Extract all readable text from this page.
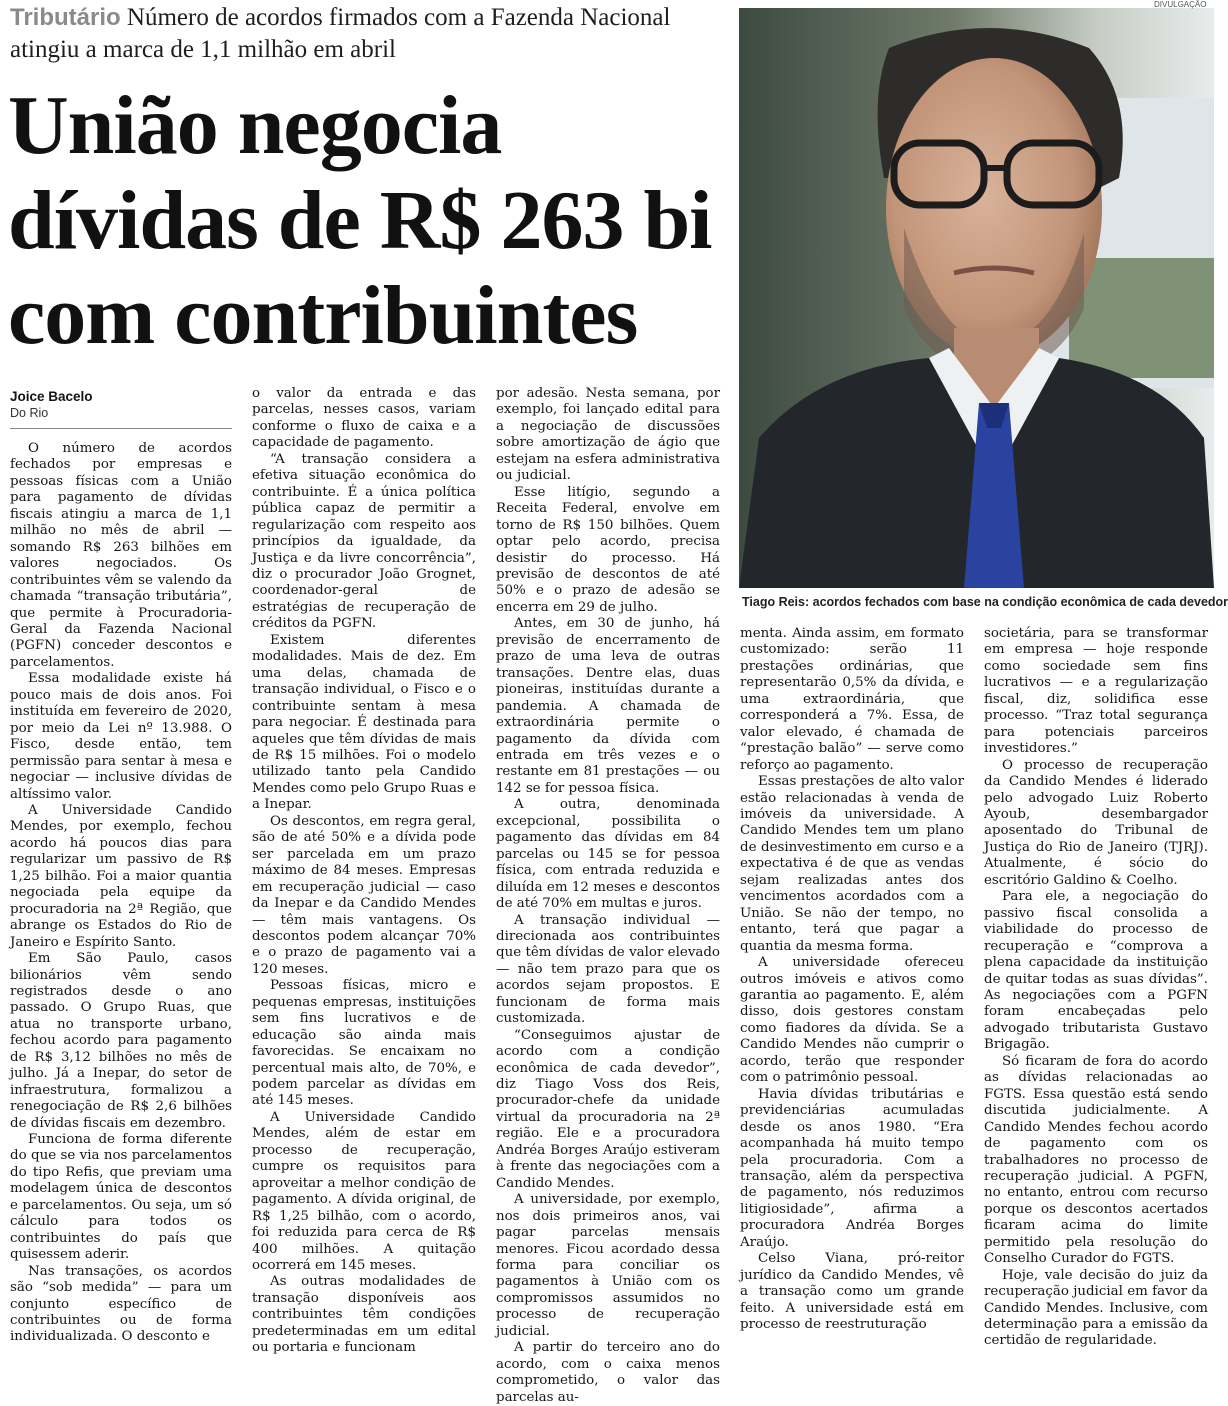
Tributário Número de acordos firmados com a Fazenda Nacional atingiu a marca de 1,1 milhão em abril
União negocia dívidas de R$ 263 bi com contribuintes
DIVULGAÇÃO
Tiago Reis: acordos fechados com base na condição econômica de cada devedor
Joice Bacelo
Do Rio

O número de acordos fechados por empresas e pessoas físicas com a União para pagamento de dívidas fiscais atingiu a marca de 1,1 milhão no mês de abril — somando R$ 263 bilhões em valores negociados. Os contribuintes vêm se valendo da chamada “transação tributária”, que permite à Procuradoria-Geral da Fazenda Nacional (PGFN) conceder descontos e parcelamentos.

Essa modalidade existe há pouco mais de dois anos. Foi instituída em fevereiro de 2020, por meio da Lei nº 13.988. O Fisco, desde então, tem permissão para sentar à mesa e negociar — inclusive dívidas de altíssimo valor.

A Universidade Candido Mendes, por exemplo, fechou acordo há poucos dias para regularizar um passivo de R$ 1,25 bilhão. Foi a maior quantia negociada pela equipe da procuradoria na 2ª Região, que abrange os Estados do Rio de Janeiro e Espírito Santo.

Em São Paulo, casos bilionários vêm sendo registrados desde o ano passado. O Grupo Ruas, que atua no transporte urbano, fechou acordo para pagamento de R$ 3,12 bilhões no mês de julho. Já a Inepar, do setor de infraestrutura, formalizou a renegociação de R$ 2,6 bilhões de dívidas fiscais em dezembro.

Funciona de forma diferente do que se via nos parcelamentos do tipo Refis, que previam uma modelagem única de descontos e parcelamentos. Ou seja, um só cálculo para todos os contribuintes do país que quisessem aderir.

Nas transações, os acordos são “sob medida” — para um conjunto específico de contribuintes ou de forma individualizada. O desconto e

o valor da entrada e das parcelas, nesses casos, variam conforme o fluxo de caixa e a capacidade de pagamento.

“A transação considera a efetiva situação econômica do contribuinte. É a única política pública capaz de permitir a regularização com respeito aos princípios da igualdade, da Justiça e da livre concorrência”, diz o procurador João Grognet, coordenador-geral de estratégias de recuperação de créditos da PGFN.

Existem diferentes modalidades. Mais de dez. Em uma delas, chamada de transação individual, o Fisco e o contribuinte sentam à mesa para negociar. É destinada para aqueles que têm dívidas de mais de R$ 15 milhões. Foi o modelo utilizado tanto pela Candido Mendes como pelo Grupo Ruas e a Inepar.

Os descontos, em regra geral, são de até 50% e a dívida pode ser parcelada em um prazo máximo de 84 meses. Empresas em recuperação judicial — caso da Inepar e da Candido Mendes — têm mais vantagens. Os descontos podem alcançar 70% e o prazo de pagamento vai a 120 meses.

Pessoas físicas, micro e pequenas empresas, instituições sem fins lucrativos e de educação são ainda mais favorecidas. Se encaixam no percentual mais alto, de 70%, e podem parcelar as dívidas em até 145 meses.

A Universidade Candido Mendes, além de estar em processo de recuperação, cumpre os requisitos para aproveitar a melhor condição de pagamento. A dívida original, de R$ 1,25 bilhão, com o acordo, foi reduzida para cerca de R$ 400 milhões. A quitação ocorrerá em 145 meses.

As outras modalidades de transação disponíveis aos contribuintes têm condições predeterminadas em um edital ou portaria e funcionam

por adesão. Nesta semana, por exemplo, foi lançado edital para a negociação de discussões sobre amortização de ágio que estejam na esfera administrativa ou judicial.

Esse litígio, segundo a Receita Federal, envolve em torno de R$ 150 bilhões. Quem optar pelo acordo, precisa desistir do processo. Há previsão de descontos de até 50% e o prazo de adesão se encerra em 29 de julho.

Antes, em 30 de junho, há previsão de encerramento de prazo de uma leva de outras transações. Dentre elas, duas pioneiras, instituídas durante a pandemia. A chamada de extraordinária permite o pagamento da dívida com entrada em três vezes e o restante em 81 prestações — ou 142 se for pessoa física.

A outra, denominada excepcional, possibilita o pagamento das dívidas em 84 parcelas ou 145 se for pessoa física, com entrada reduzida e diluída em 12 meses e descontos de até 70% em multas e juros.

A transação individual — direcionada aos contribuintes que têm dívidas de valor elevado — não tem prazo para que os acordos sejam propostos. E funcionam de forma mais customizada.

“Conseguimos ajustar de acordo com a condição econômica de cada devedor”, diz Tiago Voss dos Reis, procurador-chefe da unidade virtual da procuradoria na 2ª região. Ele e a procuradora Andréa Borges Araújo estiveram à frente das negociações com a Candido Mendes.

A universidade, por exemplo, nos dois primeiros anos, vai pagar parcelas mensais menores. Ficou acordado dessa forma para conciliar os pagamentos à União com os compromissos assumidos no processo de recuperação judicial.

A partir do terceiro ano do acordo, com o caixa menos comprometido, o valor das parcelas au-

menta. Ainda assim, em formato customizado: serão 11 prestações ordinárias, que representarão 0,5% da dívida, e uma extraordinária, que corresponderá a 7%. Essa, de valor elevado, é chamada de “prestação balão” — serve como reforço ao pagamento.

Essas prestações de alto valor estão relacionadas à venda de imóveis da universidade. A Candido Mendes tem um plano de desinvestimento em curso e a expectativa é de que as vendas sejam realizadas antes dos vencimentos acordados com a União. Se não der tempo, no entanto, terá que pagar a quantia da mesma forma.

A universidade ofereceu outros imóveis e ativos como garantia ao pagamento. E, além disso, dois gestores constam como fiadores da dívida. Se a Candido Mendes não cumprir o acordo, terão que responder com o patrimônio pessoal.

Havia dívidas tributárias e previdenciárias acumuladas desde os anos 1980. “Era acompanhada há muito tempo pela procuradoria. Com a transação, além da perspectiva de pagamento, nós reduzimos litigiosidade”, afirma a procuradora Andréa Borges Araújo.

Celso Viana, pró-reitor jurídico da Candido Mendes, vê a transação como um grande feito. A universidade está em processo de reestruturação

societária, para se transformar em empresa — hoje responde como sociedade sem fins lucrativos — e a regularização fiscal, diz, solidifica esse processo. “Traz total segurança para potenciais parceiros investidores.”

O processo de recuperação da Candido Mendes é liderado pelo advogado Luiz Roberto Ayoub, desembargador aposentado do Tribunal de Justiça do Rio de Janeiro (TJRJ). Atualmente, é sócio do escritório Galdino & Coelho.

Para ele, a negociação do passivo fiscal consolida a viabilidade do processo de recuperação e “comprova a plena capacidade da instituição de quitar todas as suas dívidas”. As negociações com a PGFN foram encabeçadas pelo advogado tributarista Gustavo Brigagão.

Só ficaram de fora do acordo as dívidas relacionadas ao FGTS. Essa questão está sendo discutida judicialmente. A Candido Mendes fechou acordo de pagamento com os trabalhadores no processo de recuperação judicial. A PGFN, no entanto, entrou com recurso porque os descontos acertados ficaram acima do limite permitido pela resolução do Conselho Curador do FGTS.

Hoje, vale decisão do juiz da recuperação judicial em favor da Candido Mendes. Inclusive, com determinação para a emissão da certidão de regularidade.
